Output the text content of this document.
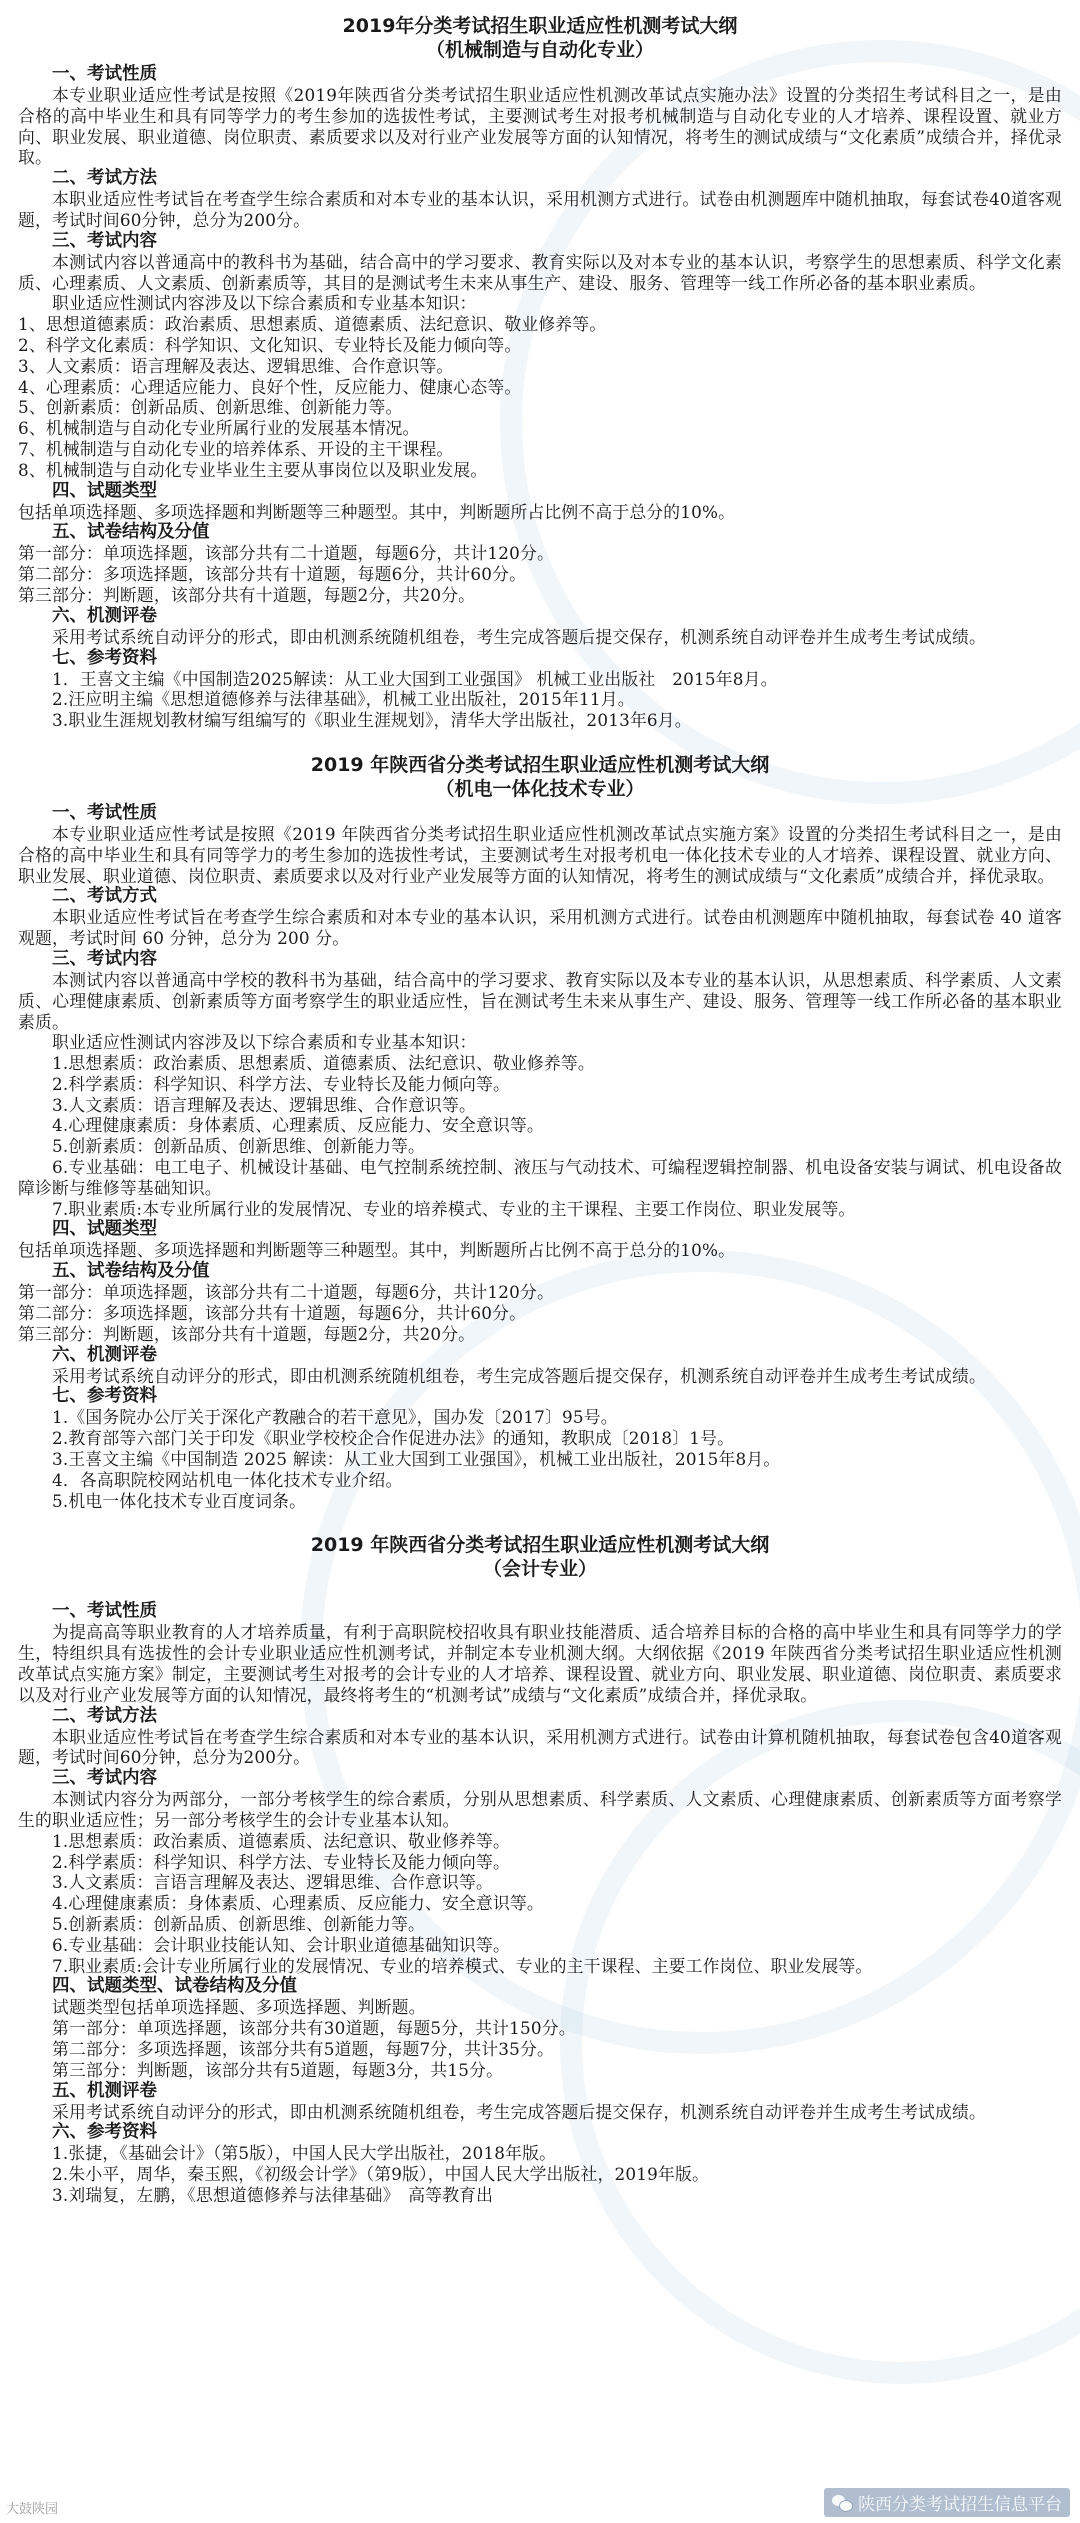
2019年分类考试招生职业适应性机测考试大纲

（机械制造与自动化专业）

一、考试性质

本专业职业适应性考试是按照《2019年陕西省分类考试招生职业适应性机测改革试点实施办法》设置的分类招生考试科目之一，是由合格的高中毕业生和具有同等学力的考生参加的选拔性考试，主要测试考生对报考机械制造与自动化专业的人才培养、课程设置、就业方向、职业发展、职业道德、岗位职责、素质要求以及对行业产业发展等方面的认知情况，将考生的测试成绩与“文化素质”成绩合并，择优录取。

二、考试方法

本职业适应性考试旨在考查学生综合素质和对本专业的基本认识，采用机测方式进行。试卷由机测题库中随机抽取，每套试卷40道客观题，考试时间60分钟，总分为200分。

三、考试内容

本测试内容以普通高中的教科书为基础，结合高中的学习要求、教育实际以及对本专业的基本认识，考察学生的思想素质、科学文化素质、心理素质、人文素质、创新素质等，其目的是测试考生未来从事生产、建设、服务、管理等一线工作所必备的基本职业素质。

职业适应性测试内容涉及以下综合素质和专业基本知识：

1、思想道德素质：政治素质、思想素质、道德素质、法纪意识、敬业修养等。

2、科学文化素质：科学知识、文化知识、专业特长及能力倾向等。

3、人文素质：语言理解及表达、逻辑思维、合作意识等。

4、心理素质：心理适应能力、良好个性，反应能力、健康心态等。

5、创新素质：创新品质、创新思维、创新能力等。

6、机械制造与自动化专业所属行业的发展基本情况。

7、机械制造与自动化专业的培养体系、开设的主干课程。

8、机械制造与自动化专业毕业生主要从事岗位以及职业发展。

四、试题类型

包括单项选择题、多项选择题和判断题等三种题型。其中，判断题所占比例不高于总分的10%。

五、试卷结构及分值

第一部分：单项选择题，该部分共有二十道题，每题6分，共计120分。

第二部分：多项选择题，该部分共有十道题，每题6分，共计60分。

第三部分：判断题，该部分共有十道题，每题2分，共20分。

六、机测评卷

采用考试系统自动评分的形式，即由机测系统随机组卷，考生完成答题后提交保存，机测系统自动评卷并生成考生考试成绩。

七、参考资料

1．王喜文主编《中国制造2025解读：从工业大国到工业强国》 机械工业出版社　2015年8月。

2.汪应明主编《思想道德修养与法律基础》，机械工业出版社，2015年11月。

3.职业生涯规划教材编写组编写的《职业生涯规划》，清华大学出版社，2013年6月。

2019 年陕西省分类考试招生职业适应性机测考试大纲

（机电一体化技术专业）

一、考试性质

本专业职业适应性考试是按照《2019 年陕西省分类考试招生职业适应性机测改革试点实施方案》设置的分类招生考试科目之一，是由合格的高中毕业生和具有同等学力的考生参加的选拔性考试，主要测试考生对报考机电一体化技术专业的人才培养、课程设置、就业方向、职业发展、职业道德、岗位职责、素质要求以及对行业产业发展等方面的认知情况，将考生的测试成绩与“文化素质”成绩合并，择优录取。

二、考试方式

本职业适应性考试旨在考查学生综合素质和对本专业的基本认识，采用机测方式进行。试卷由机测题库中随机抽取，每套试卷 40 道客观题，考试时间 60 分钟，总分为 200 分。

三、考试内容

本测试内容以普通高中学校的教科书为基础，结合高中的学习要求、教育实际以及本专业的基本认识，从思想素质、科学素质、人文素质、心理健康素质、创新素质等方面考察学生的职业适应性，旨在测试考生未来从事生产、建设、服务、管理等一线工作所必备的基本职业素质。

职业适应性测试内容涉及以下综合素质和专业基本知识：

1.思想素质：政治素质、思想素质、道德素质、法纪意识、敬业修养等。

2.科学素质：科学知识、科学方法、专业特长及能力倾向等。

3.人文素质：语言理解及表达、逻辑思维、合作意识等。

4.心理健康素质：身体素质、心理素质、反应能力、安全意识等。

5.创新素质：创新品质、创新思维、创新能力等。

6.专业基础：电工电子、机械设计基础、电气控制系统控制、液压与气动技术、可编程逻辑控制器、机电设备安装与调试、机电设备故障诊断与维修等基础知识。

7.职业素质:本专业所属行业的发展情况、专业的培养模式、专业的主干课程、主要工作岗位、职业发展等。

四、试题类型

包括单项选择题、多项选择题和判断题等三种题型。其中，判断题所占比例不高于总分的10%。

五、试卷结构及分值

第一部分：单项选择题，该部分共有二十道题，每题6分，共计120分。

第二部分：多项选择题，该部分共有十道题，每题6分，共计60分。

第三部分：判断题，该部分共有十道题，每题2分，共20分。

六、机测评卷

采用考试系统自动评分的形式，即由机测系统随机组卷，考生完成答题后提交保存，机测系统自动评卷并生成考生考试成绩。

七、参考资料

1.《国务院办公厅关于深化产教融合的若干意见》，国办发〔2017〕95号。

2.教育部等六部门关于印发《职业学校校企合作促进办法》的通知，教职成〔2018〕1号。

3.王喜文主编《中国制造 2025 解读：从工业大国到工业强国》，机械工业出版社，2015年8月。

4．各高职院校网站机电一体化技术专业介绍。

5.机电一体化技术专业百度词条。

2019 年陕西省分类考试招生职业适应性机测考试大纲

（会计专业）

一、考试性质

为提高高等职业教育的人才培养质量，有利于高职院校招收具有职业技能潜质、适合培养目标的合格的高中毕业生和具有同等学力的学生，特组织具有选拔性的会计专业职业适应性机测考试，并制定本专业机测大纲。大纲依据《2019 年陕西省分类考试招生职业适应性机测改革试点实施方案》制定，主要测试考生对报考的会计专业的人才培养、课程设置、就业方向、职业发展、职业道德、岗位职责、素质要求以及对行业产业发展等方面的认知情况，最终将考生的“机测考试”成绩与“文化素质”成绩合并，择优录取。

二、考试方法

本职业适应性考试旨在考查学生综合素质和对本专业的基本认识，采用机测方式进行。试卷由计算机随机抽取，每套试卷包含40道客观题，考试时间60分钟，总分为200分。

三、考试内容

本测试内容分为两部分，一部分考核学生的综合素质，分别从思想素质、科学素质、人文素质、心理健康素质、创新素质等方面考察学生的职业适应性；另一部分考核学生的会计专业基本认知。

1.思想素质：政治素质、道德素质、法纪意识、敬业修养等。

2.科学素质：科学知识、科学方法、专业特长及能力倾向等。

3.人文素质：言语言理解及表达、逻辑思维、合作意识等。

4.心理健康素质：身体素质、心理素质、反应能力、安全意识等。

5.创新素质：创新品质、创新思维、创新能力等。

6.专业基础：会计职业技能认知、会计职业道德基础知识等。

7.职业素质:会计专业所属行业的发展情况、专业的培养模式、专业的主干课程、主要工作岗位、职业发展等。

四、试题类型、试卷结构及分值

试题类型包括单项选择题、多项选择题、判断题。

第一部分：单项选择题，该部分共有30道题，每题5分，共计150分。

第二部分：多项选择题，该部分共有5道题，每题7分，共计35分。

第三部分：判断题，该部分共有5道题，每题3分，共15分。

五、机测评卷

采用考试系统自动评分的形式，即由机测系统随机组卷，考生完成答题后提交保存，机测系统自动评卷并生成考生考试成绩。

六、参考资料

1.张捷，《基础会计》（第5版），中国人民大学出版社，2018年版。

2.朱小平，周华，秦玉熙，《初级会计学》（第9版），中国人民大学出版社，2019年版。

3.刘瑞复，左鹏，《思想道德修养与法律基础》　高等教育出

大鼓陕园	陕西分类考试招生信息平台
